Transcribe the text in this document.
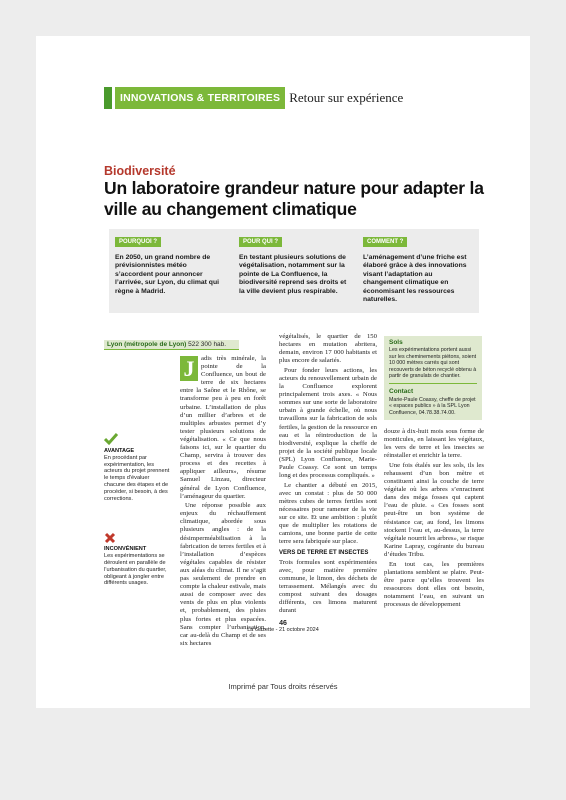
INNOVATIONS & TERRITOIRES Retour sur expérience
Biodiversité
Un laboratoire grandeur nature pour adapter la ville au changement climatique
POURQUOI ?
En 2050, un grand nombre de prévisionnistes météo s’accordent pour annoncer l’arrivée, sur Lyon, du climat qui règne à Madrid.
POUR QUI ?
En testant plusieurs solutions de végétalisation, notamment sur la pointe de La Confluence, la biodiversité reprend ses droits et la ville devient plus respirable.
COMMENT ?
L’aménagement d’une friche est élaboré grâce à des innovations visant l’adaptation au changement climatique en économisant les ressources naturelles.
Lyon (métropole de Lyon) 522 300 hab.
AVANTAGE
En procédant par expérimentation, les acteurs du projet prennent le temps d’évaluer chacune des étapes et de procéder, si besoin, à des corrections.
INCONVÉNIENT
Les expérimentations se déroulent en parallèle de l’urbanisation du quartier, obligeant à jongler entre différents usages.

J adis très minérale, la pointe de la Confluence, un bout de terre de six hectares entre la Saône et le Rhône, se transforme peu à peu en forêt urbaine. L’installation de plus d’un millier d’arbres et de multiples arbustes permet d’y tester plusieurs solutions de végétalisation. « Ce que nous faisons ici, sur le quartier du Champ, servira à trouver des process et des recettes à appliquer ailleurs», résume Samuel Linzau, directeur général de Lyon Confluence, l’aménageur du quartier.

Une réponse possible aux enjeux du réchauffement climatique, abordée sous plusieurs angles : de la désimperméabilisation à la fabrication de terres fertiles et à l’installation d’espèces végétales capables de résister aux aléas du climat. Il ne s’agit pas seulement de prendre en compte la chaleur estivale, mais aussi de composer avec des vents de plus en plus violents et, probablement, des pluies plus fortes et plus espacées. Sans compter l’urbanisation, car au-delà du Champ et de ses six hectares

végétalisés, le quartier de 150 hectares en mutation abritera, demain, environ 17 000 habitants et plus encore de salariés.

Pour fonder leurs actions, les acteurs du renouvellement urbain de la Confluence explorent principalement trois axes. « Nous sommes sur une sorte de laboratoire urbain à grande échelle, où nous travaillons sur la fabrication de sols fertiles, la gestion de la ressource en eau et la réintroduction de la biodiversité, explique la cheffe de projet de la société publique locale (SPL) Lyon Confluence, Marie-Paule Coassy. Ce sont un temps long et des processus compliqués. »

Le chantier a débuté en 2015, avec un constat : plus de 50 000 mètres cubes de terres fertiles sont nécessaires pour ramener de la vie sur ce site. Et une ambition : plutôt que de multiplier les rotations de camions, une bonne partie de cette terre sera fabriquée sur place.

VERS DE TERRE ET INSECTES

Trois formules sont expérimentées avec, pour matière première commune, le limon, des déchets de terrassement. Mélangés avec du compost suivant des dosages différents, ces limons maturent durant

Sols
Les expérimentations portent aussi sur les cheminements piétons, soient 10 000 mètres carrés qui sont recouverts de béton recyclé obtenu à partir de granulats de chantier.
Contact
Marie-Paule Coassy, cheffe de projet « espaces publics » à la SPL Lyon Confluence, 04.78.38.74.00.

douze à dix-huit mois sous forme de monticules, en laissant les végétaux, les vers de terre et les insectes se réinstaller et enrichir la terre.

Une fois étalés sur les sols, ils les rehaussent d’un bon mètre et constituent ainsi la couche de terre végétale où les arbres s’enracinent dans des méga fosses qui captent l’eau de pluie. « Ces fosses sont peut-être un bon système de résistance car, au fond, les limons stockent l’eau et, au-dessus, la terre végétale nourrit les arbres», se risque Karine Lapray, cogérante du bureau d’études Tribu.

En tout cas, les premières plantations semblent se plaire. Peut-être parce qu’elles trouvent les ressources dont elles ont besoin, notamment l’eau, en suivant un processus de développement

46
La Gazette - 21 octobre 2024
Imprimé par Tous droits réservés
